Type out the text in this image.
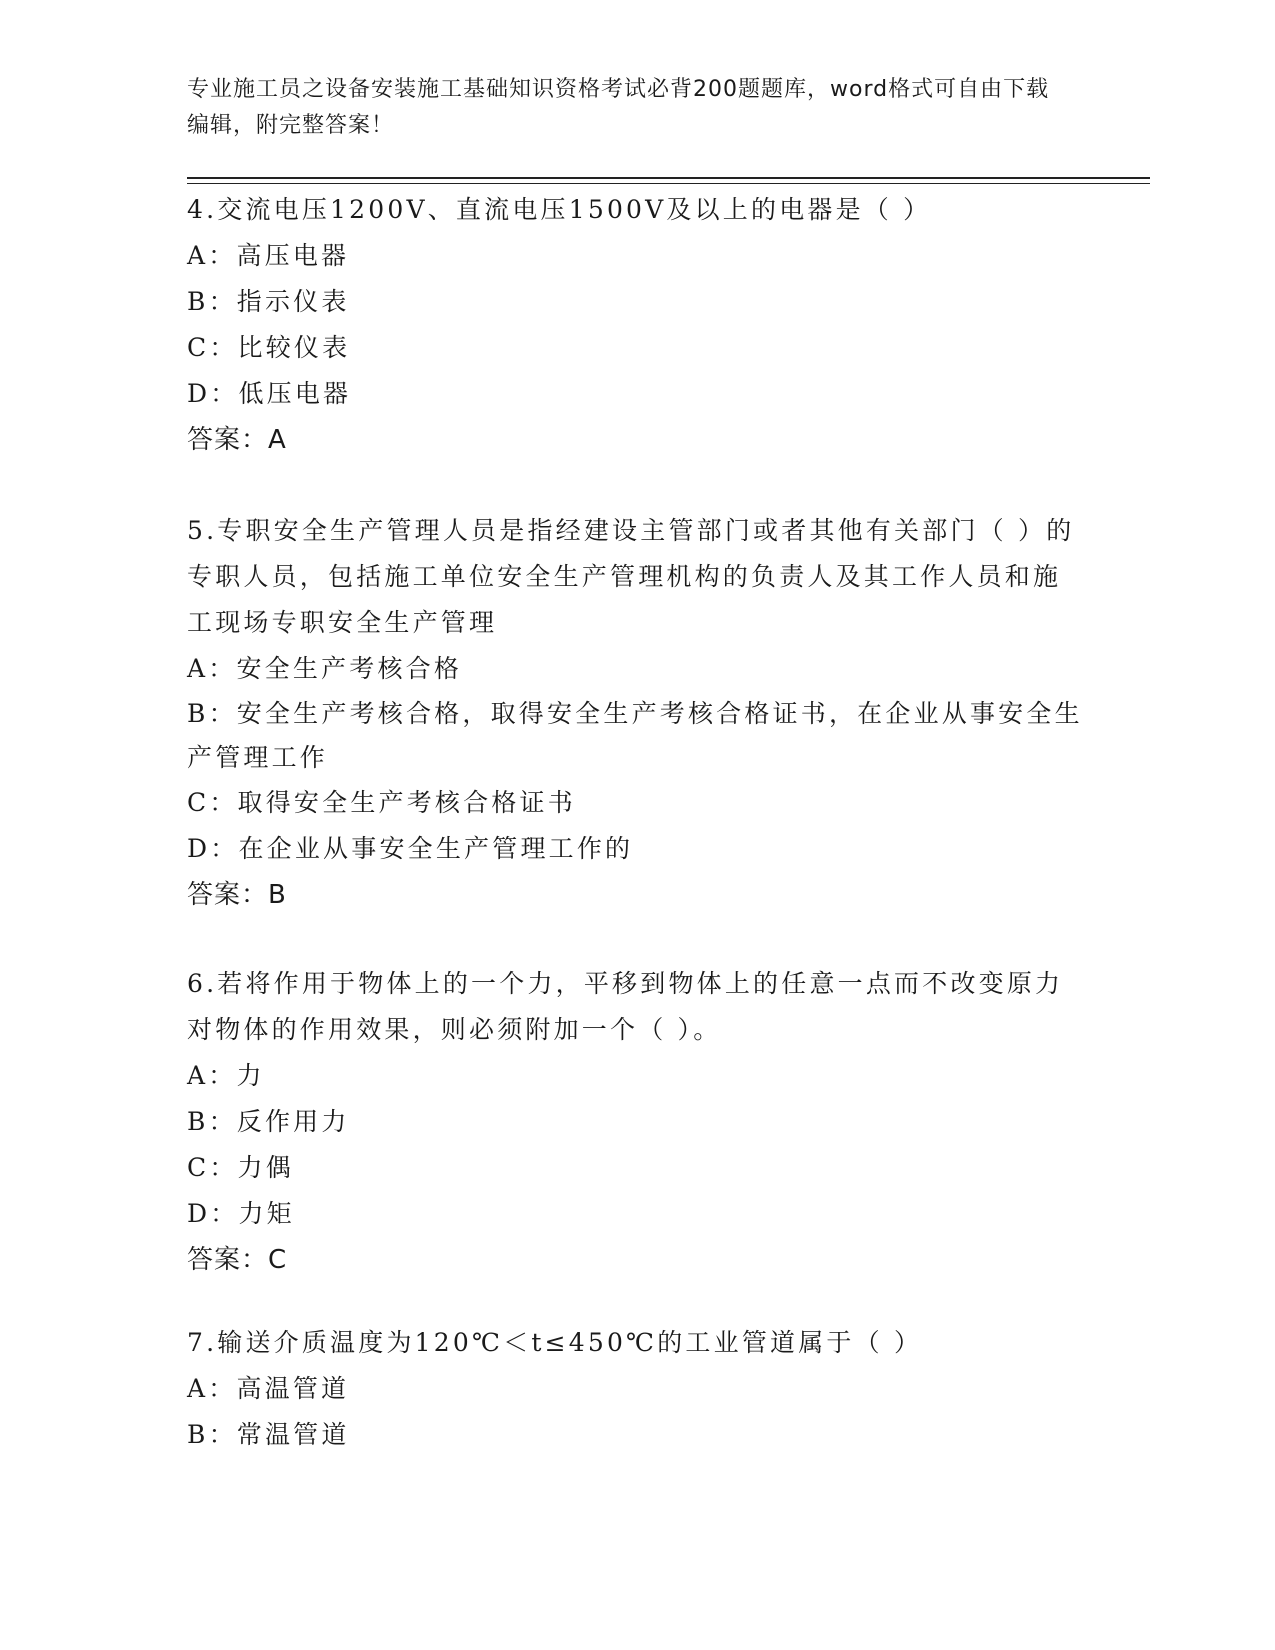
专业施工员之设备安装施工基础知识资格考试必背200题题库，word格式可自由下载编辑，附完整答案！
4.交流电压1200V、直流电压1500V及以上的电器是（ ）
A：高压电器
B：指示仪表
C：比较仪表
D：低压电器
答案：A
5.专职安全生产管理人员是指经建设主管部门或者其他有关部门（ ）的专职人员，包括施工单位安全生产管理机构的负责人及其工作人员和施工现场专职安全生产管理
A：安全生产考核合格
B：安全生产考核合格，取得安全生产考核合格证书，在企业从事安全生产管理工作
C：取得安全生产考核合格证书
D：在企业从事安全生产管理工作的
答案：B
6.若将作用于物体上的一个力，平移到物体上的任意一点而不改变原力对物体的作用效果，则必须附加一个（ ）。
A：力
B：反作用力
C：力偶
D：力矩
答案：C
7.输送介质温度为120℃＜t≤450℃的工业管道属于（ ）
A：高温管道
B：常温管道
